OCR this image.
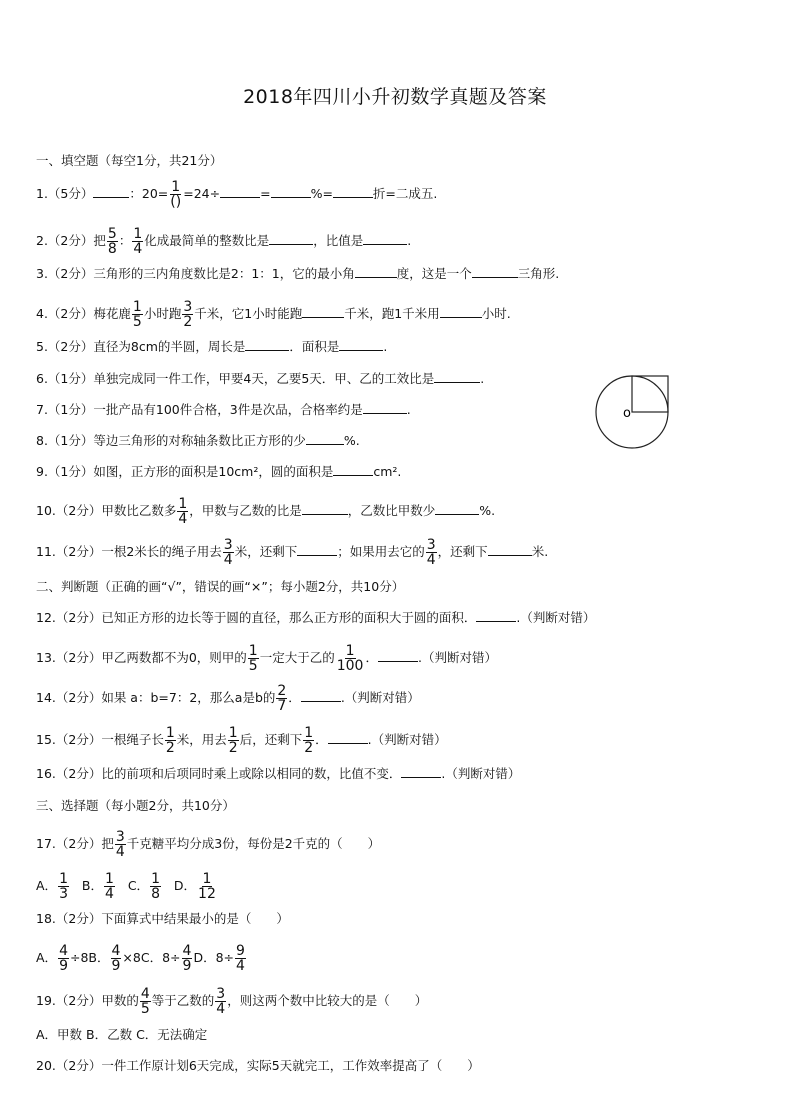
2018年四川小升初数学真题及答案
一、填空题（每空1分，共21分）
1.（5分）	：$20= \frac{1}{()} =24\div$	=	%=	折=二成五.
2.（2分）把 $\frac{5}{8}$ ： $\frac{1}{4}$ 化成最简单的整数比是	，比值是	.
3.（2分）三角形的三内角度数比是2：1：1，它的最小角	度，这是一个	三角形.
4.（2分）梅花鹿 $\frac{1}{5}$ 小时跑 $\frac{3}{2}$ 千米，它1小时能跑	千米，跑1千米用	小时.
5.（2分）直径为8cm的半圆，周长是	．面积是	.
6.（1分）单独完成同一件工作，甲要4天，乙要5天．甲、乙的工效比是	.
7.（1分）一批产品有100件合格，3件是次品，合格率约是	.
8.（1分）等边三角形的对称轴条数比正方形的少	%.
9.（1分）如图，正方形的面积是10cm²，圆的面积是	cm².
o
10.（2分）甲数比乙数多 $\frac{1}{4}$ ，甲数与乙数的比是	，乙数比甲数少	%.
11.（2分）一根2米长的绳子用去 $\frac{3}{4}$ 米，还剩下	；如果用去它的 $\frac{3}{4}$ ，还剩下	米.
二、判断题（正确的画“√”，错误的画“×”；每小题2分，共10分）
12.（2分）已知正方形的边长等于圆的直径，那么正方形的面积大于圆的面积．	.（判断对错）
13.（2分）甲乙两数都不为0，则甲的 $\frac{1}{5}$ 一定大于乙的 $\frac{1}{100}$ ．	.（判断对错）
14.（2分）如果 a：b=7：2，那么a是b的 $\frac{2}{7}$ ．	.（判断对错）
15.（2分）一根绳子长 $\frac{1}{2}$ 米，用去 $\frac{1}{2}$ 后，还剩下 $\frac{1}{2}$ ．	.（判断对错）
16.（2分）比的前项和后项同时乘上或除以相同的数，比值不变．	.（判断对错）
三、选择题（每小题2分，共10分）
17.（2分）把 $\frac{3}{4}$ 千克糖平均分成3份，每份是2千克的（　　）
A． $\frac{1}{3}$ B． $\frac{1}{4}$ C． $\frac{1}{8}$ D． $\frac{1}{12}$
18.（2分）下面算式中结果最小的是（　　）
A． $\frac{4}{9} \div 8B$． $\frac{4}{9} \times 8C$．$8\div \frac{4}{9}$ D．$8\div \frac{9}{4}$
19.（2分）甲数的 $\frac{4}{5}$ 等于乙数的 $\frac{3}{4}$ ，则这两个数中比较大的是（　　）
A．甲数 B．乙数 C．无法确定
20.（2分）一件工作原计划6天完成，实际5天就完工，工作效率提高了（　　）
